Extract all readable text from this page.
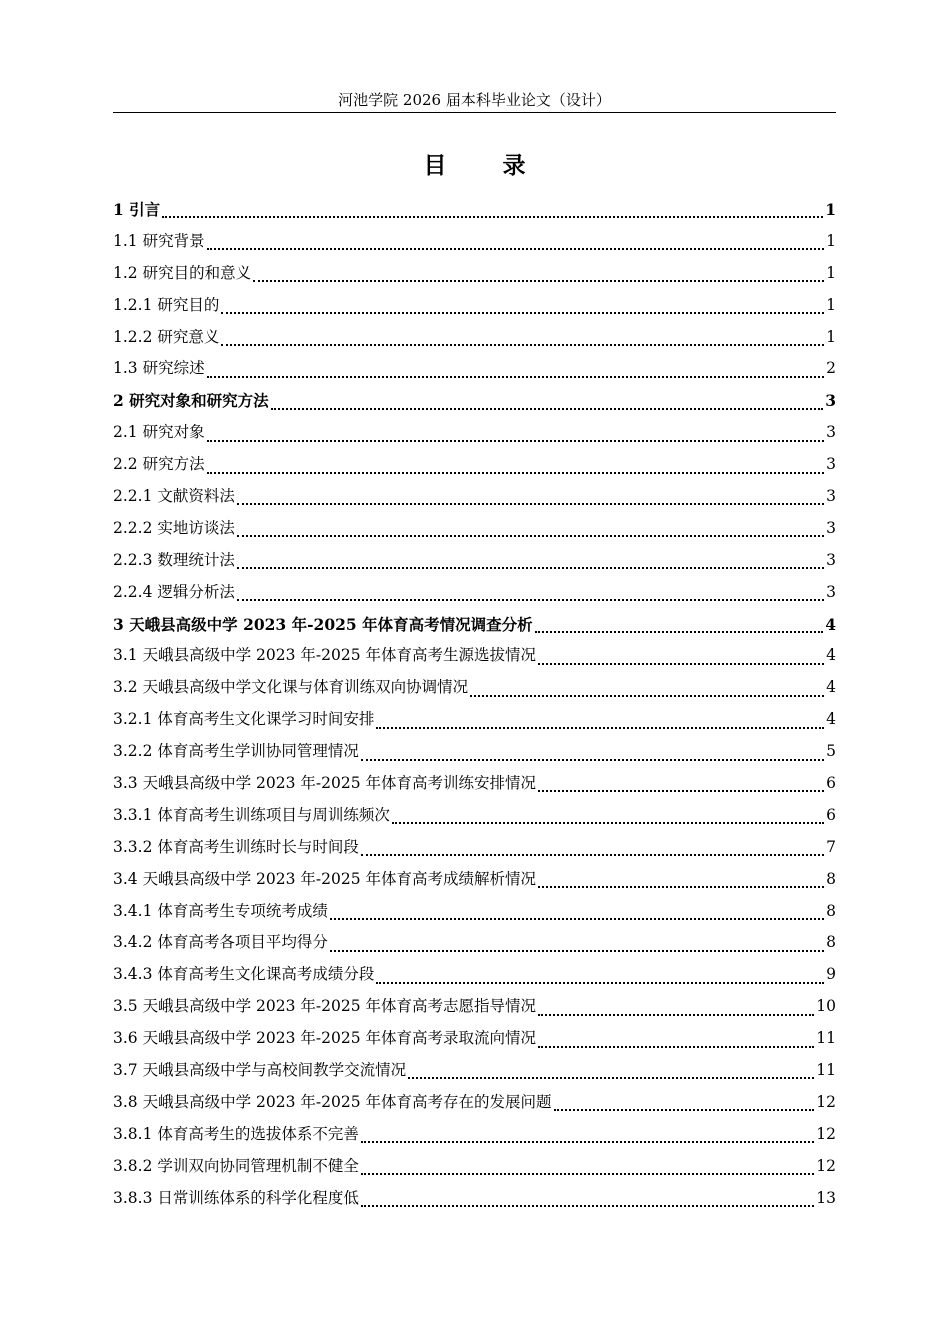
河池学院 2026 届本科毕业论文（设计）
目 录
1 引言	1
1.1 研究背景	1
1.2 研究目的和意义	1
1.2.1 研究目的	1
1.2.2 研究意义	1
1.3 研究综述	2
2 研究对象和研究方法	3
2.1 研究对象	3
2.2 研究方法	3
2.2.1 文献资料法	3
2.2.2 实地访谈法	3
2.2.3 数理统计法	3
2.2.4 逻辑分析法	3
3 天峨县高级中学 2023 年-2025 年体育高考情况调查分析	4
3.1 天峨县高级中学 2023 年-2025 年体育高考生源选拔情况	4
3.2 天峨县高级中学文化课与体育训练双向协调情况	4
3.2.1 体育高考生文化课学习时间安排	4
3.2.2 体育高考生学训协同管理情况	5
3.3 天峨县高级中学 2023 年-2025 年体育高考训练安排情况	6
3.3.1 体育高考生训练项目与周训练频次	6
3.3.2 体育高考生训练时长与时间段	7
3.4 天峨县高级中学 2023 年-2025 年体育高考成绩解析情况	8
3.4.1 体育高考生专项统考成绩	8
3.4.2 体育高考各项目平均得分	8
3.4.3 体育高考生文化课高考成绩分段	9
3.5 天峨县高级中学 2023 年-2025 年体育高考志愿指导情况	10
3.6 天峨县高级中学 2023 年-2025 年体育高考录取流向情况	11
3.7 天峨县高级中学与高校间教学交流情况	11
3.8 天峨县高级中学 2023 年-2025 年体育高考存在的发展问题	12
3.8.1 体育高考生的选拔体系不完善	12
3.8.2 学训双向协同管理机制不健全	12
3.8.3 日常训练体系的科学化程度低	13
